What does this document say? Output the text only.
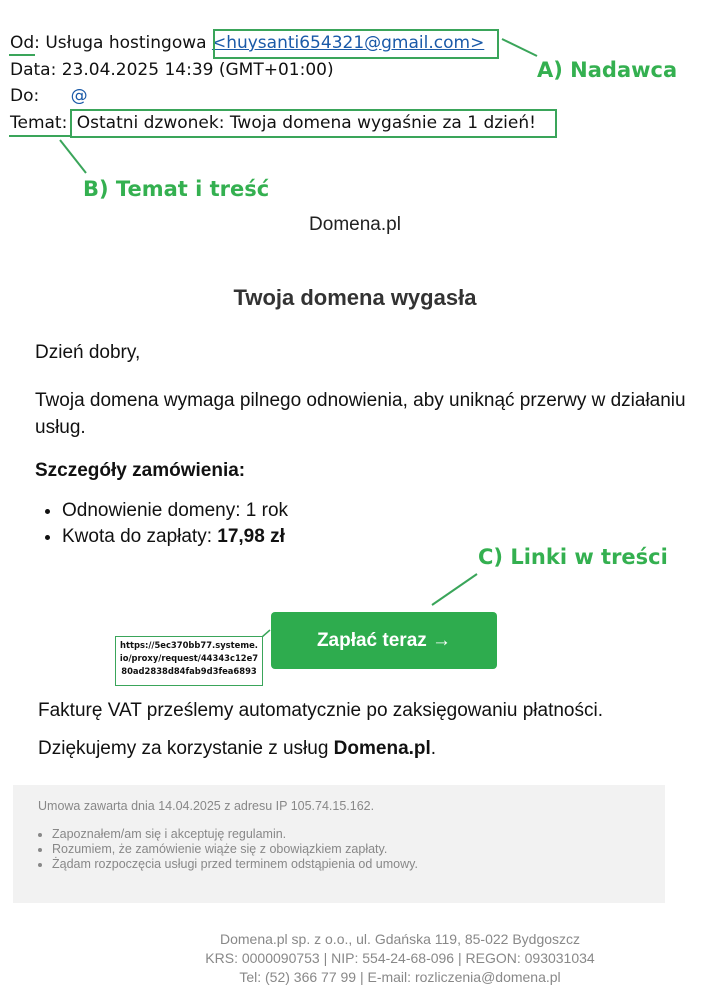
Od: Usługa hostingowa <huysanti654321@gmail.com>
Data: 23.04.2025 14:39 (GMT+01:00)
Do: @
Temat: Ostatni dzwonek: Twoja domena wygaśnie za 1 dzień!
A) Nadawca
B) Temat i treść
C) Linki w treści
Domena.pl
Twoja domena wygasła
Dzień dobry,
Twoja domena wymaga pilnego odnowienia, aby uniknąć przerwy w działaniu usług.
Szczegóły zamówienia:
• Odnowienie domeny: 1 rok
• Kwota do zapłaty: 17,98 zł
Zapłać teraz →
https://5ec370bb77.systeme.io/proxy/request/44343c12e780ad2838d84fab9d3fea6893
Fakturę VAT prześlemy automatycznie po zaksięgowaniu płatności.
Dziękujemy za korzystanie z usług Domena.pl.
Umowa zawarta dnia 14.04.2025 z adresu IP 105.74.15.162.
• Zapoznałem/am się i akceptuję regulamin.
• Rozumiem, że zamówienie wiąże się z obowiązkiem zapłaty.
• Żądam rozpoczęcia usługi przed terminem odstąpienia od umowy.
Domena.pl sp. z o.o., ul. Gdańska 119, 85-022 Bydgoszcz
KRS: 0000090753 | NIP: 554-24-68-096 | REGON: 093031034
Tel: (52) 366 77 99 | E-mail: rozliczenia@domena.pl
